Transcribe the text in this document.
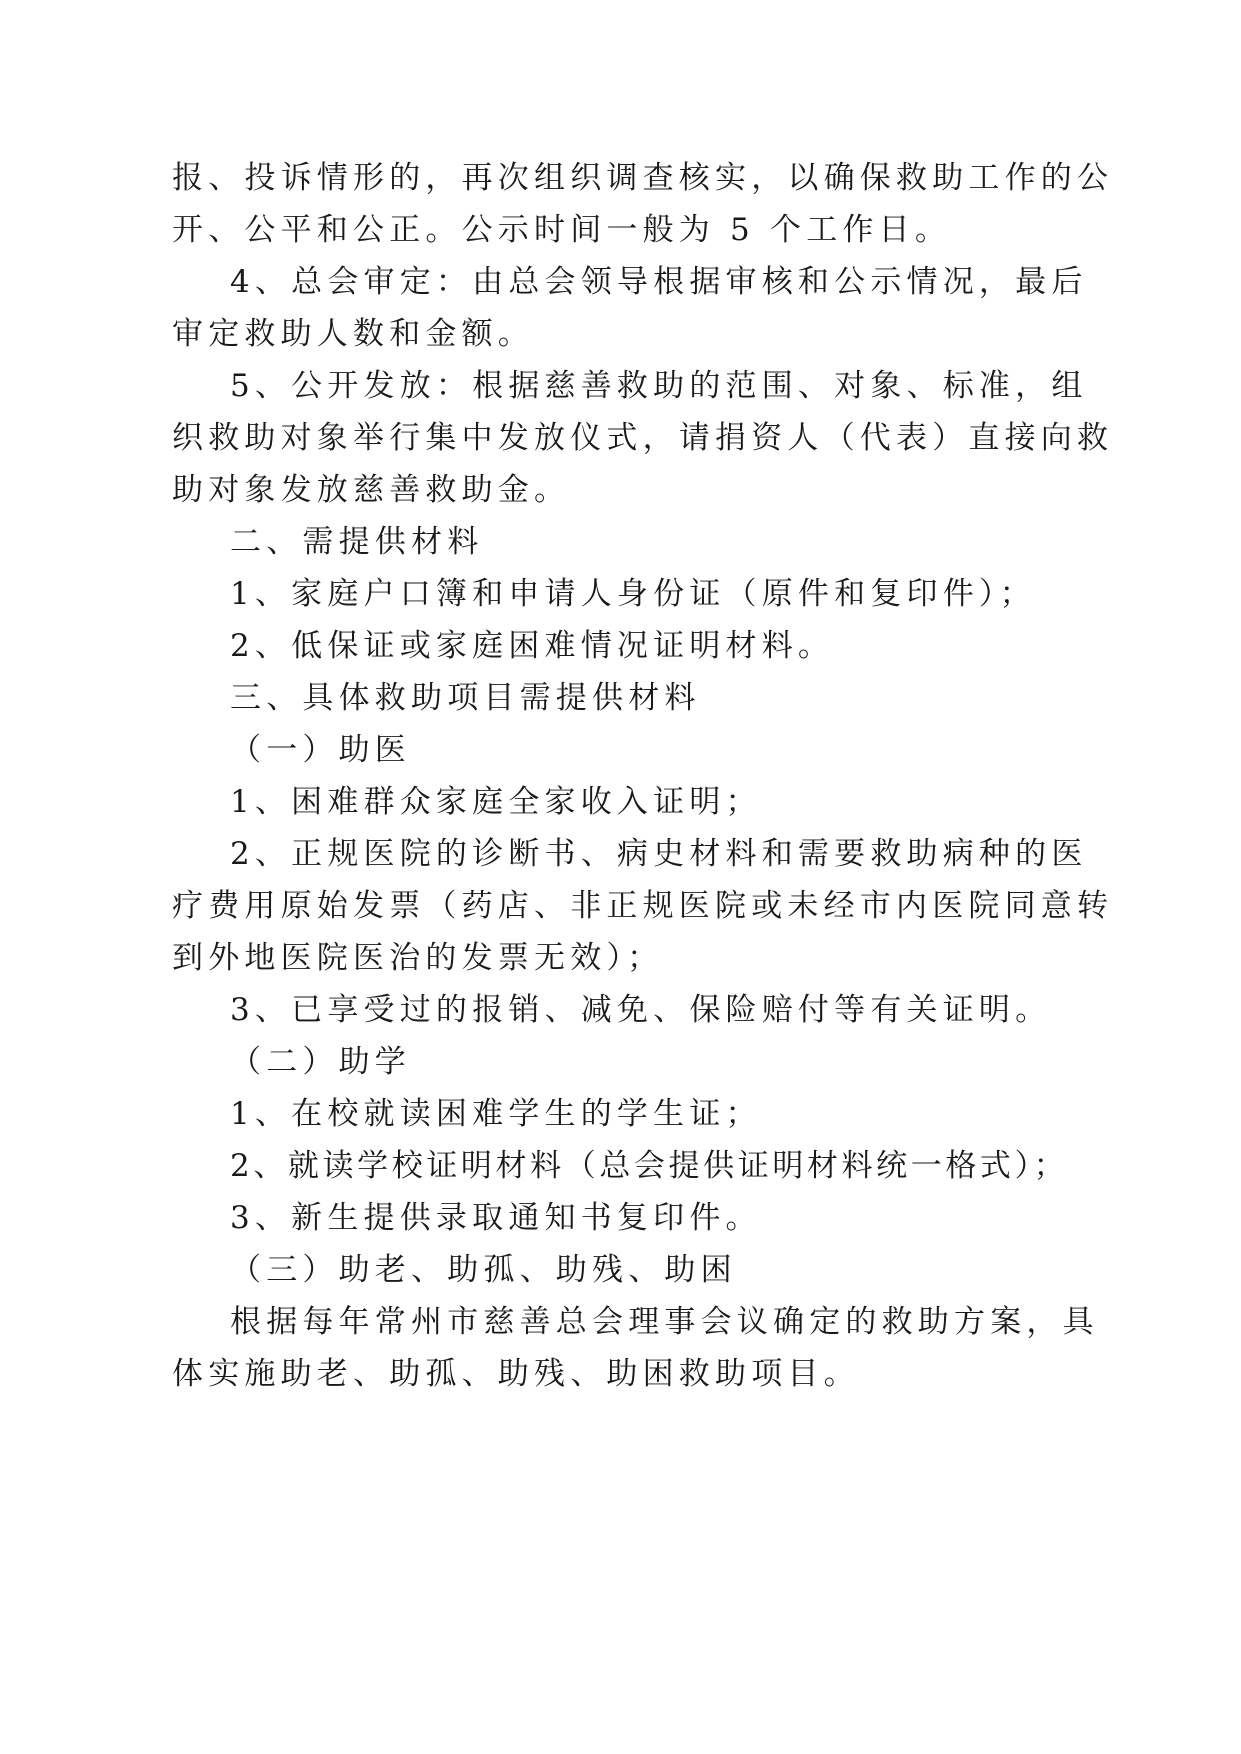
报、投诉情形的，再次组织调查核实，以确保救助工作的公
开、公平和公正。公示时间一般为 5 个工作日。
4、总会审定：由总会领导根据审核和公示情况，最后
审定救助人数和金额。
5、公开发放：根据慈善救助的范围、对象、标准，组
织救助对象举行集中发放仪式，请捐资人（代表）直接向救
助对象发放慈善救助金。
二、需提供材料
1、家庭户口簿和申请人身份证（原件和复印件）；
2、低保证或家庭困难情况证明材料。
三、具体救助项目需提供材料
（一）助医
1、困难群众家庭全家收入证明；
2、正规医院的诊断书、病史材料和需要救助病种的医
疗费用原始发票（药店、非正规医院或未经市内医院同意转
到外地医院医治的发票无效）；
3、已享受过的报销、减免、保险赔付等有关证明。
（二）助学
1、在校就读困难学生的学生证；
2、就读学校证明材料（总会提供证明材料统一格式）；
3、新生提供录取通知书复印件。
（三）助老、助孤、助残、助困
根据每年常州市慈善总会理事会议确定的救助方案，具
体实施助老、助孤、助残、助困救助项目。
